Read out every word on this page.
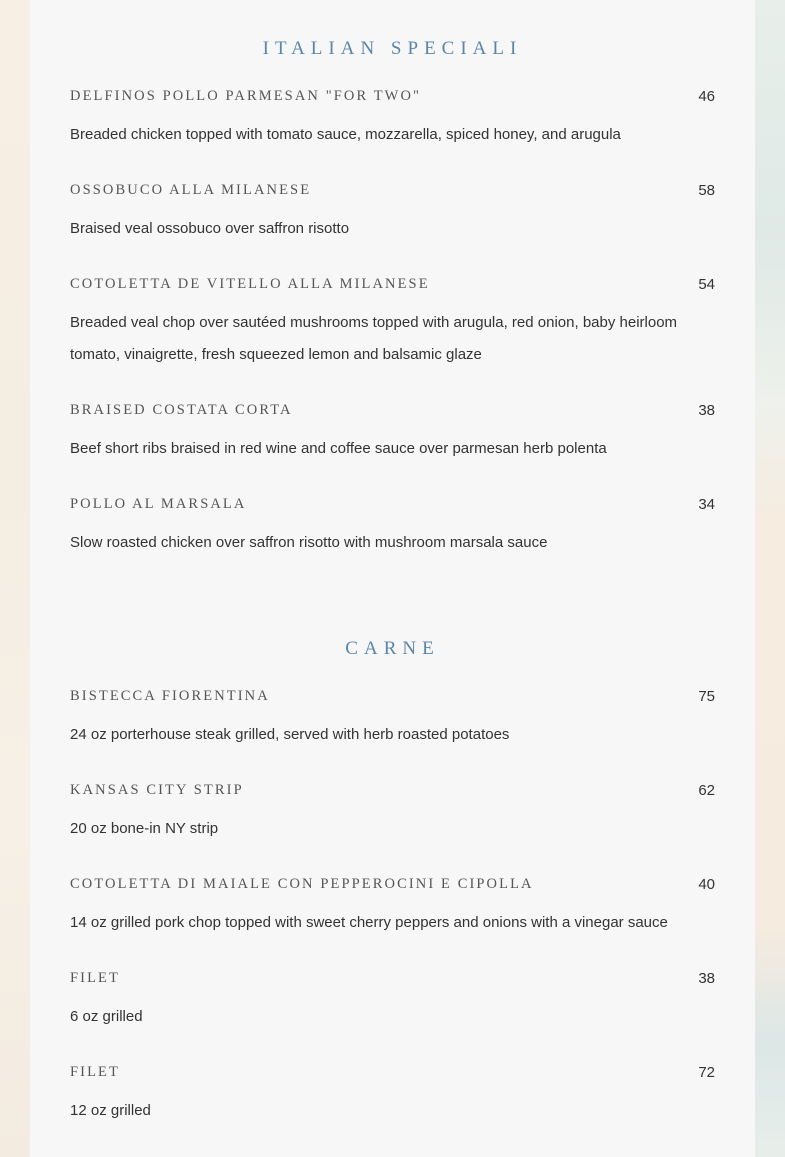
ITALIAN SPECIALI
DELFINOS POLLO PARMESAN "FOR TWO"	46
Breaded chicken topped with tomato sauce, mozzarella, spiced honey, and arugula
OSSOBUCO ALLA MILANESE	58
Braised veal ossobuco over saffron risotto
COTOLETTA DE VITELLO ALLA MILANESE	54
Breaded veal chop over sautéed mushrooms topped with arugula, red onion, baby heirloom tomato, vinaigrette, fresh squeezed lemon and balsamic glaze
BRAISED COSTATA CORTA	38
Beef short ribs braised in red wine and coffee sauce over parmesan herb polenta
POLLO AL MARSALA	34
Slow roasted chicken over saffron risotto with mushroom marsala sauce
CARNE
BISTECCA FIORENTINA	75
24 oz porterhouse steak grilled, served with herb roasted potatoes
KANSAS CITY STRIP	62
20 oz bone-in NY strip
COTOLETTA DI MAIALE CON PEPPEROCINI E CIPOLLA	40
14 oz grilled pork chop topped with sweet cherry peppers and onions with a vinegar sauce
FILET	38
6 oz grilled
FILET	72
12 oz grilled
